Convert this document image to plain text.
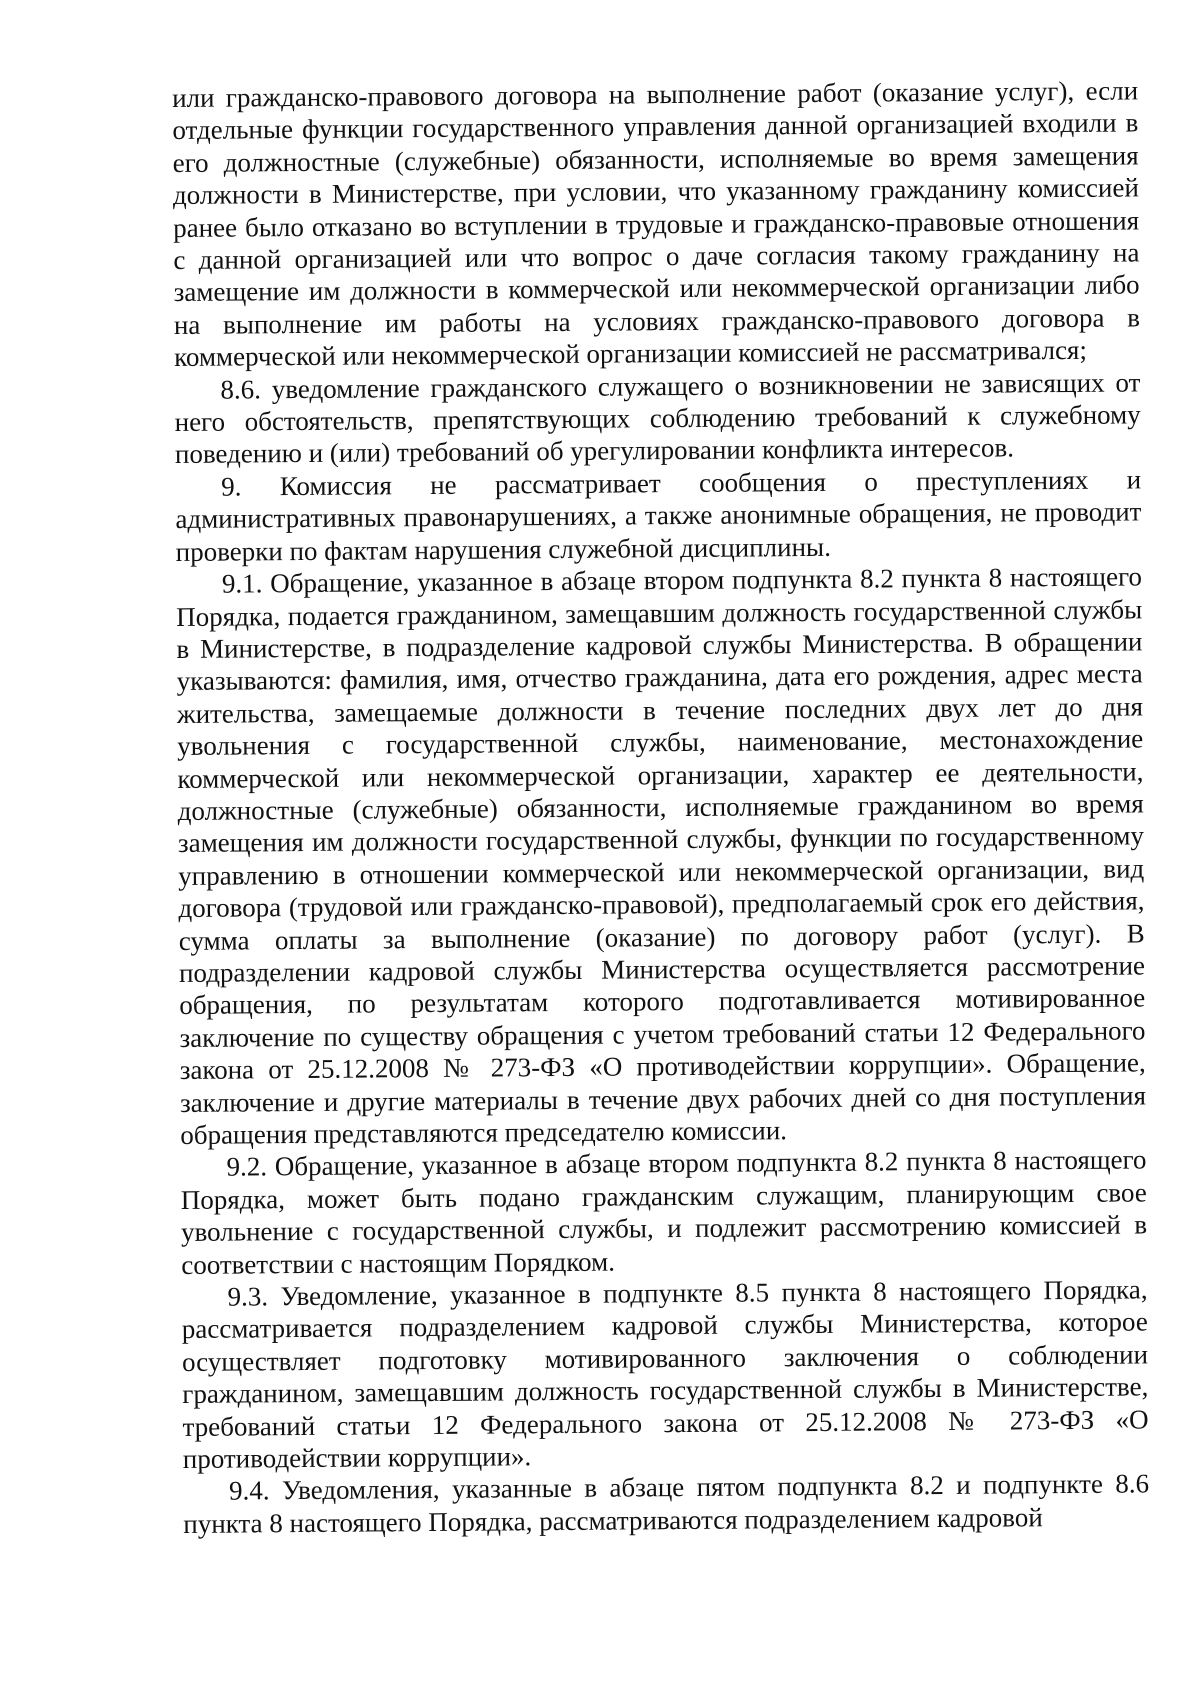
или гражданско-правового договора на выполнение работ (оказание услуг), если отдельные функции государственного управления данной организацией входили в его должностные (служебные) обязанности, исполняемые во время замещения должности в Министерстве, при условии, что указанному гражданину комиссией ранее было отказано во вступлении в трудовые и гражданско-правовые отношения с данной организацией или что вопрос о даче согласия такому гражданину на замещение им должности в коммерческой или некоммерческой организации либо на выполнение им работы на условиях гражданско-правового договора в коммерческой или некоммерческой организации комиссией не рассматривался;

8.6. уведомление гражданского служащего о возникновении не зависящих от него обстоятельств, препятствующих соблюдению требований к служебному поведению и (или) требований об урегулировании конфликта интересов.

9. Комиссия не рассматривает сообщения о преступлениях и административных правонарушениях, а также анонимные обращения, не проводит проверки по фактам нарушения служебной дисциплины.

9.1. Обращение, указанное в абзаце втором подпункта 8.2 пункта 8 настоящего Порядка, подается гражданином, замещавшим должность государственной службы в Министерстве, в подразделение кадровой службы Министерства. В обращении указываются: фамилия, имя, отчество гражданина, дата его рождения, адрес места жительства, замещаемые должности в течение последних двух лет до дня увольнения с государственной службы, наименование, местонахождение коммерческой или некоммерческой организации, характер ее деятельности, должностные (служебные) обязанности, исполняемые гражданином во время замещения им должности государственной службы, функции по государственному управлению в отношении коммерческой или некоммерческой организации, вид договора (трудовой или гражданско-правовой), предполагаемый срок его действия, сумма оплаты за выполнение (оказание) по договору работ (услуг). В подразделении кадровой службы Министерства осуществляется рассмотрение обращения, по результатам которого подготавливается мотивированное заключение по существу обращения с учетом требований статьи 12 Федерального закона от 25.12.2008 № 273-ФЗ «О противодействии коррупции». Обращение, заключение и другие материалы в течение двух рабочих дней со дня поступления обращения представляются председателю комиссии.

9.2. Обращение, указанное в абзаце втором подпункта 8.2 пункта 8 настоящего Порядка, может быть подано гражданским служащим, планирующим свое увольнение с государственной службы, и подлежит рассмотрению комиссией в соответствии с настоящим Порядком.

9.3. Уведомление, указанное в подпункте 8.5 пункта 8 настоящего Порядка, рассматривается подразделением кадровой службы Министерства, которое осуществляет подготовку мотивированного заключения о соблюдении гражданином, замещавшим должность государственной службы в Министерстве, требований статьи 12 Федерального закона от 25.12.2008 № 273-ФЗ «О противодействии коррупции».

9.4. Уведомления, указанные в абзаце пятом подпункта 8.2 и подпункте 8.6 пункта 8 настоящего Порядка, рассматриваются подразделением кадровой
